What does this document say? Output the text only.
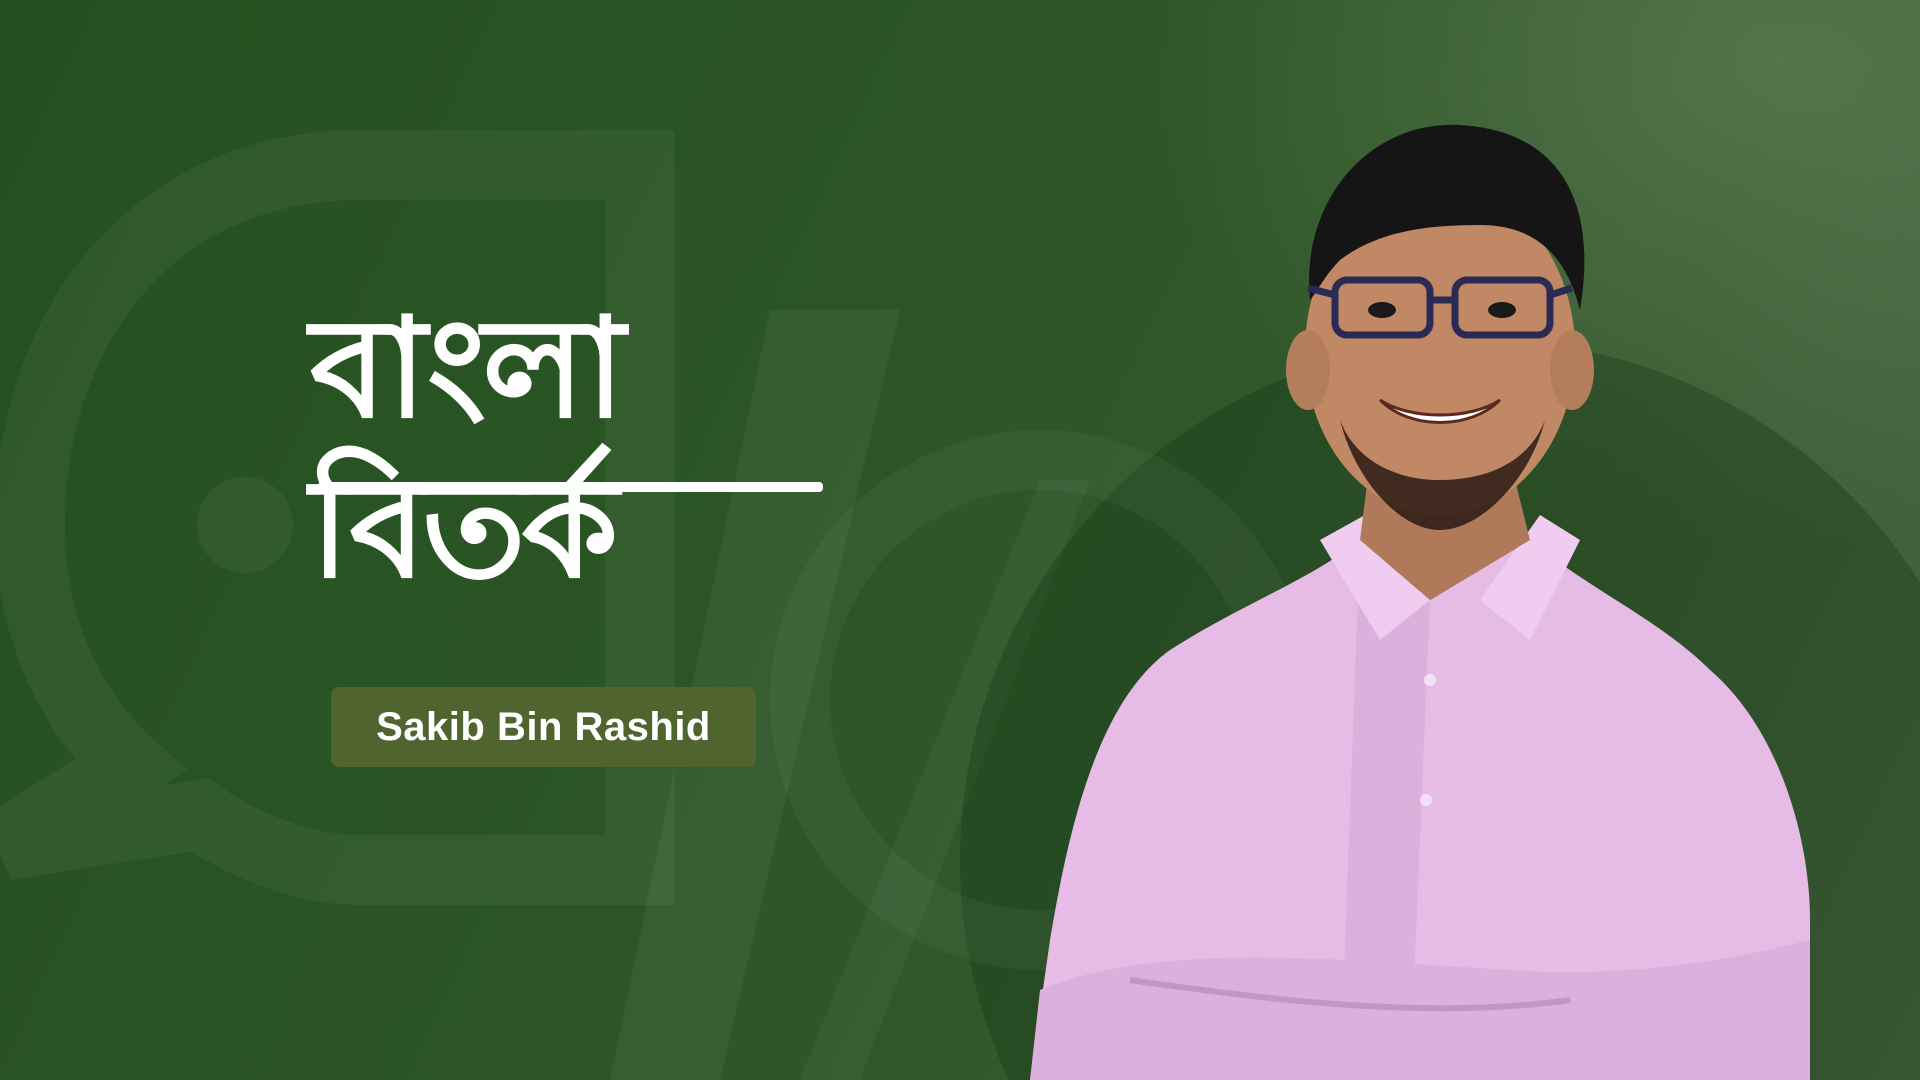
বাংলা
বিতর্ক
Sakib Bin Rashid
